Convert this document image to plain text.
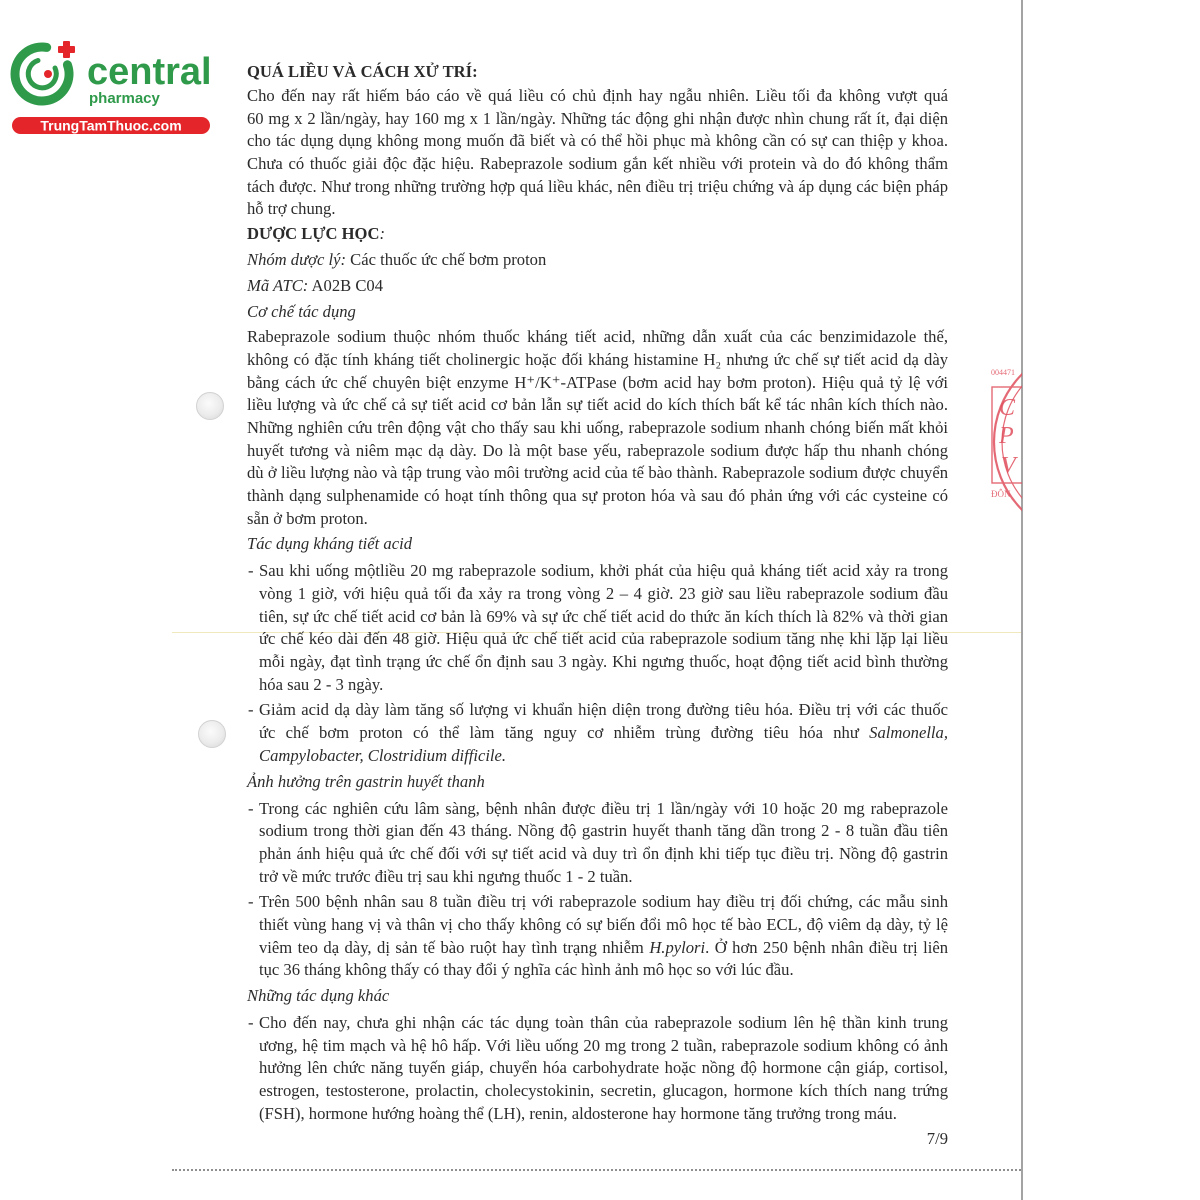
central
pharmacy
TrungTamThuoc.com
004471
C
P
V
ĐÔN
QUÁ LIỀU VÀ CÁCH XỬ TRÍ:
Cho đến nay rất hiếm báo cáo về quá liều có chủ định hay ngẫu nhiên. Liều tối đa không vượt quá
60 mg x 2 lần/ngày, hay 160 mg x 1 lần/ngày. Những tác động ghi nhận được nhìn chung rất ít, đại diện
cho tác dụng dụng không mong muốn đã biết và có thể hồi phục mà không cần có sự can thiệp y khoa.
Chưa có thuốc giải độc đặc hiệu. Rabeprazole sodium gắn kết nhiều với protein và do đó không thẩm
tách được. Như trong những trường hợp quá liều khác, nên điều trị triệu chứng và áp dụng các biện pháp
hỗ trợ chung.
DƯỢC LỰC HỌC:
Nhóm dược lý: Các thuốc ức chế bơm proton
Mã ATC: A02B C04
Cơ chế tác dụng
Rabeprazole sodium thuộc nhóm thuốc kháng tiết acid, những dẫn xuất của các benzimidazole thế,
không có đặc tính kháng tiết cholinergic hoặc đối kháng histamine H₂ nhưng ức chế sự tiết acid dạ dày
bằng cách ức chế chuyên biệt enzyme H⁺/K⁺-ATPase (bơm acid hay bơm proton). Hiệu quả tỷ lệ với
liều lượng và ức chế cả sự tiết acid cơ bản lẫn sự tiết acid do kích thích bất kể tác nhân kích thích nào.
Những nghiên cứu trên động vật cho thấy sau khi uống, rabeprazole sodium nhanh chóng biến mất khỏi
huyết tương và niêm mạc dạ dày. Do là một base yếu, rabeprazole sodium được hấp thu nhanh chóng
dù ở liều lượng nào và tập trung vào môi trường acid của tế bào thành. Rabeprazole sodium được chuyển
thành dạng sulphenamide có hoạt tính thông qua sự proton hóa và sau đó phản ứng với các cysteine có
sẵn ở bơm proton.
Tác dụng kháng tiết acid
- Sau khi uống mộtliều 20 mg rabeprazole sodium, khởi phát của hiệu quả kháng tiết acid xảy ra trong
vòng 1 giờ, với hiệu quả tối đa xảy ra trong vòng 2 – 4 giờ. 23 giờ sau liều rabeprazole sodium đầu
tiên, sự ức chế tiết acid cơ bản là 69% và sự ức chế tiết acid do thức ăn kích thích là 82% và thời gian
ức chế kéo dài đến 48 giờ. Hiệu quả ức chế tiết acid của rabeprazole sodium tăng nhẹ khi lặp lại liều
mỗi ngày, đạt tình trạng ức chế ổn định sau 3 ngày. Khi ngưng thuốc, hoạt động tiết acid bình thường
hóa sau 2 - 3 ngày.
- Giảm acid dạ dày làm tăng số lượng vi khuẩn hiện diện trong đường tiêu hóa. Điều trị với các thuốc
ức chế bơm proton có thể làm tăng nguy cơ nhiễm trùng đường tiêu hóa như Salmonella,
Campylobacter, Clostridium difficile.
Ảnh hưởng trên gastrin huyết thanh
- Trong các nghiên cứu lâm sàng, bệnh nhân được điều trị 1 lần/ngày với 10 hoặc 20 mg rabeprazole
sodium trong thời gian đến 43 tháng. Nồng độ gastrin huyết thanh tăng dần trong 2 - 8 tuần đầu tiên
phản ánh hiệu quả ức chế đối với sự tiết acid và duy trì ổn định khi tiếp tục điều trị. Nồng độ gastrin
trở về mức trước điều trị sau khi ngưng thuốc 1 - 2 tuần.
- Trên 500 bệnh nhân sau 8 tuần điều trị với rabeprazole sodium hay điều trị đối chứng, các mẫu sinh
thiết vùng hang vị và thân vị cho thấy không có sự biến đổi mô học tế bào ECL, độ viêm dạ dày, tỷ lệ
viêm teo dạ dày, dị sản tế bào ruột hay tình trạng nhiễm H.pylori. Ở hơn 250 bệnh nhân điều trị liên
tục 36 tháng không thấy có thay đổi ý nghĩa các hình ảnh mô học so với lúc đầu.
Những tác dụng khác
- Cho đến nay, chưa ghi nhận các tác dụng toàn thân của rabeprazole sodium lên hệ thần kinh trung
ương, hệ tim mạch và hệ hô hấp. Với liều uống 20 mg trong 2 tuần, rabeprazole sodium không có ảnh
hưởng lên chức năng tuyến giáp, chuyển hóa carbohydrate hoặc nồng độ hormone cận giáp, cortisol,
estrogen, testosterone, prolactin, cholecystokinin, secretin, glucagon, hormone kích thích nang trứng
(FSH), hormone hướng hoàng thể (LH), renin, aldosterone hay hormone tăng trưởng trong máu.
7/9
